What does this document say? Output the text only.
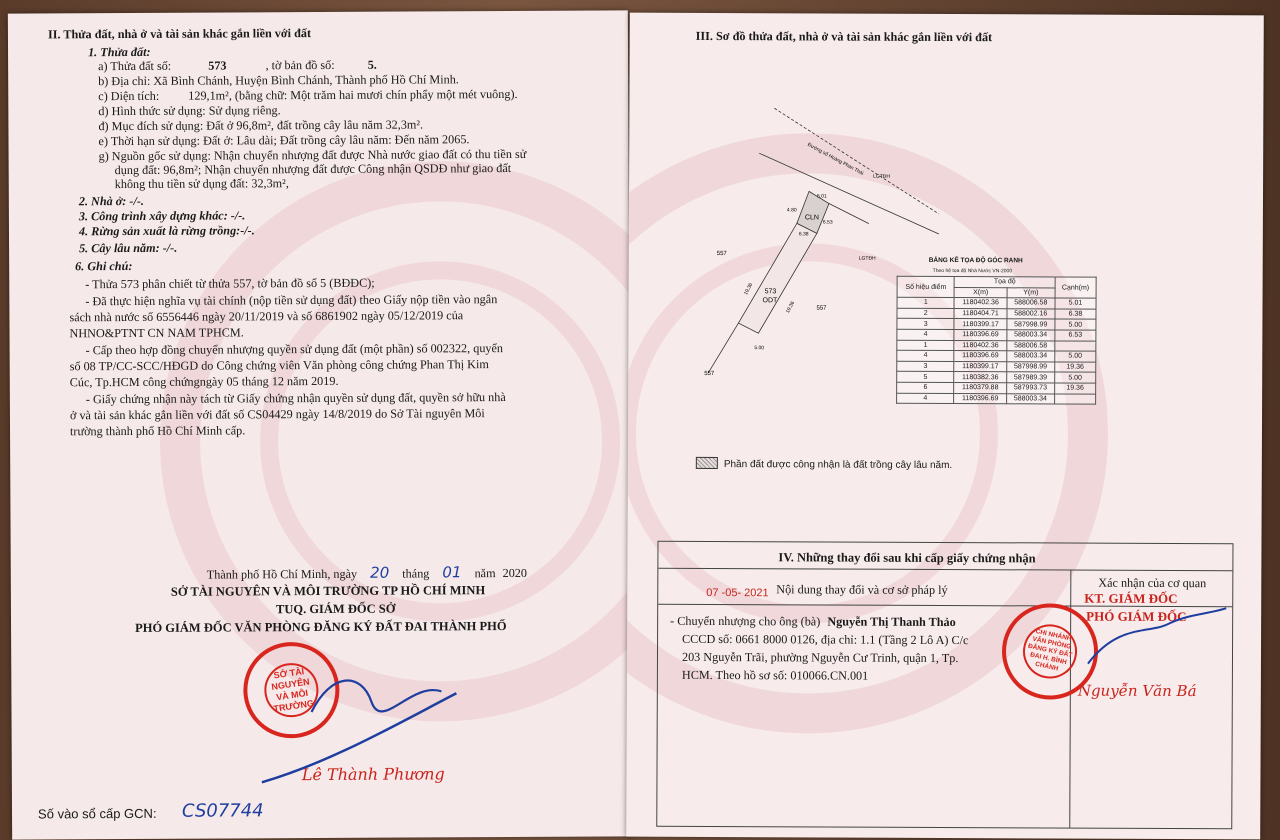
II. Thửa đất, nhà ở và tài sản khác gắn liền với đất
1. Thửa đất:
a) Thửa đất số:	573	, tờ bản đồ số:	5.
b) Địa chỉ: Xã Bình Chánh, Huyện Bình Chánh, Thành phố Hồ Chí Minh.
c) Diện tích: 129,1m², (bằng chữ: Một trăm hai mươi chín phẩy một mét vuông).
d) Hình thức sử dụng: Sử dụng riêng.
đ) Mục đích sử dụng: Đất ở 96,8m², đất trồng cây lâu năm 32,3m².
e) Thời hạn sử dụng: Đất ở: Lâu dài; Đất trồng cây lâu năm: Đến năm 2065.
g) Nguồn gốc sử dụng: Nhận chuyển nhượng đất được Nhà nước giao đất có thu tiền sử
dụng đất: 96,8m²; Nhận chuyển nhượng đất được Công nhận QSDĐ như giao đất
không thu tiền sử dụng đất: 32,3m²,
2. Nhà ở: -/-.
3. Công trình xây dựng khác: -/-.
4. Rừng sản xuất là rừng trồng:-/-.
5. Cây lâu năm: -/-.
6. Ghi chú:
- Thửa 573 phân chiết từ thửa 557, tờ bản đồ số 5 (BĐĐC);
- Đã thực hiện nghĩa vụ tài chính (nộp tiền sử dụng đất) theo Giấy nộp tiền vào ngân
sách nhà nước số 6556446 ngày 20/11/2019 và số 6861902 ngày 05/12/2019 của
NHNO&PTNT CN NAM TPHCM.
- Cấp theo hợp đồng chuyển nhượng quyền sử dụng đất (một phần) số 002322, quyển
số 08 TP/CC-SCC/HĐGD do Công chứng viên Văn phòng công chứng Phan Thị Kim
Cúc, Tp.HCM công chứngngày 05 tháng 12 năm 2019.
- Giấy chứng nhận này tách từ Giấy chứng nhận quyền sử dụng đất, quyền sở hữu nhà
ở và tài sản khác gắn liền với đất số CS04429 ngày 14/8/2019 do Sở Tài nguyên Môi
trường thành phố Hồ Chí Minh cấp.
Thành phố Hồ Chí Minh, ngày 20 tháng 01 năm 2020
SỞ TÀI NGUYÊN VÀ MÔI TRƯỜNG TP HỒ CHÍ MINH
TUQ. GIÁM ĐỐC SỞ
PHÓ GIÁM ĐỐC VĂN PHÒNG ĐĂNG KÝ ĐẤT ĐAI THÀNH PHỐ
SỞ TÀI NGUYÊN VÀ MÔI TRƯỜNG
Lê Thành Phương
Số vào sổ cấp GCN: CS07744
III. Sơ đồ thửa đất, nhà ở và tài sản khác gắn liền với đất
Đường số Hoàng Phan Thái LGTĐH
LGTĐH
CLN
573
ODT
557
557
557
5.01
19.36
19.36
5.00
6.53
4.80
6.38
BẢNG KÊ TỌA ĐỘ GÓC RANH
Theo hệ tọa độ Nhà Nước VN-2000
Số hiệu điểm	Tọa độ		Cạnh(m)
	X(m)	Y(m)	
1	1180402.36	588006.58	5.01
2	1180404.71	588002.16	6.38
3	1180399.17	587998.99	5.00
4	1180396.69	588003.34	6.53
1	1180402.36	588006.58	
4	1180396.69	588003.34	5.00
3	1180399.17	587998.99	19.36
5	1180382.36	587989.39	5.00
6	1180379.88	587993.73	19.36
4	1180396.69	588003.34	
Phần đất được công nhận là đất trồng cây lâu năm.
IV. Những thay đổi sau khi cấp giấy chứng nhận
Nội dung thay đổi và cơ sở pháp lý	Xác nhận của cơ quan
07 -05- 2021
- Chuyển nhượng cho ông (bà) Nguyễn Thị Thanh Thảo
CCCD số: 0661 8000 0126, địa chỉ: 1.1 (Tầng 2 Lô A) C/c
203 Nguyễn Trãi, phường Nguyễn Cư Trinh, quận 1, Tp.
HCM. Theo hồ sơ số: 010066.CN.001
KT. GIÁM ĐỐC
PHÓ GIÁM ĐỐC
CHI NHÁNH VĂN PHÒNG ĐĂNG KÝ ĐẤT ĐAI H. BÌNH CHÁNH
Nguyễn Văn Bá
